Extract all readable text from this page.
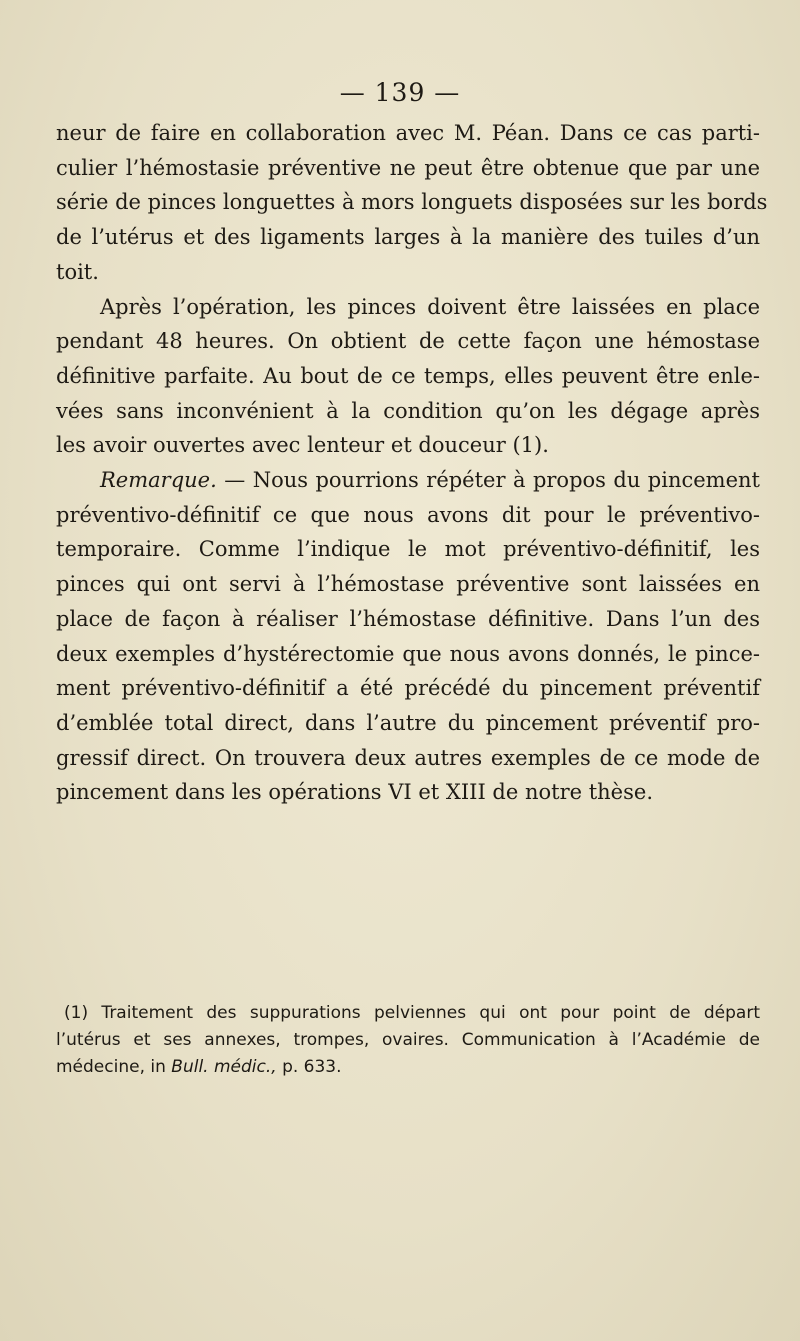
— 139 —
neur de faire en collaboration avec M. Péan. Dans ce cas parti-
culier l’hémostasie préventive ne peut être obtenue que par une
série de pinces longuettes à mors longuets disposées sur les bords
de l’utérus et des ligaments larges à la manière des tuiles d’un
toit.
Après l’opération, les pinces doivent être laissées en place
pendant 48 heures. On obtient de cette façon une hémostase
définitive parfaite. Au bout de ce temps, elles peuvent être enle-
vées sans inconvénient à la condition qu’on les dégage après
les avoir ouvertes avec lenteur et douceur (1).
Remarque. — Nous pourrions répéter à propos du pincement
préventivo-définitif ce que nous avons dit pour le préventivo-
temporaire. Comme l’indique le mot préventivo-définitif, les
pinces qui ont servi à l’hémostase préventive sont laissées en
place de façon à réaliser l’hémostase définitive. Dans l’un des
deux exemples d’hystérectomie que nous avons donnés, le pince-
ment préventivo-définitif a été précédé du pincement préventif
d’emblée total direct, dans l’autre du pincement préventif pro-
gressif direct. On trouvera deux autres exemples de ce mode de
pincement dans les opérations VI et XIII de notre thèse.
(1) Traitement des suppurations pelviennes qui ont pour point de départ
l’utérus et ses annexes, trompes, ovaires. Communication à l’Académie de
médecine, in Bull. médic., p. 633.
